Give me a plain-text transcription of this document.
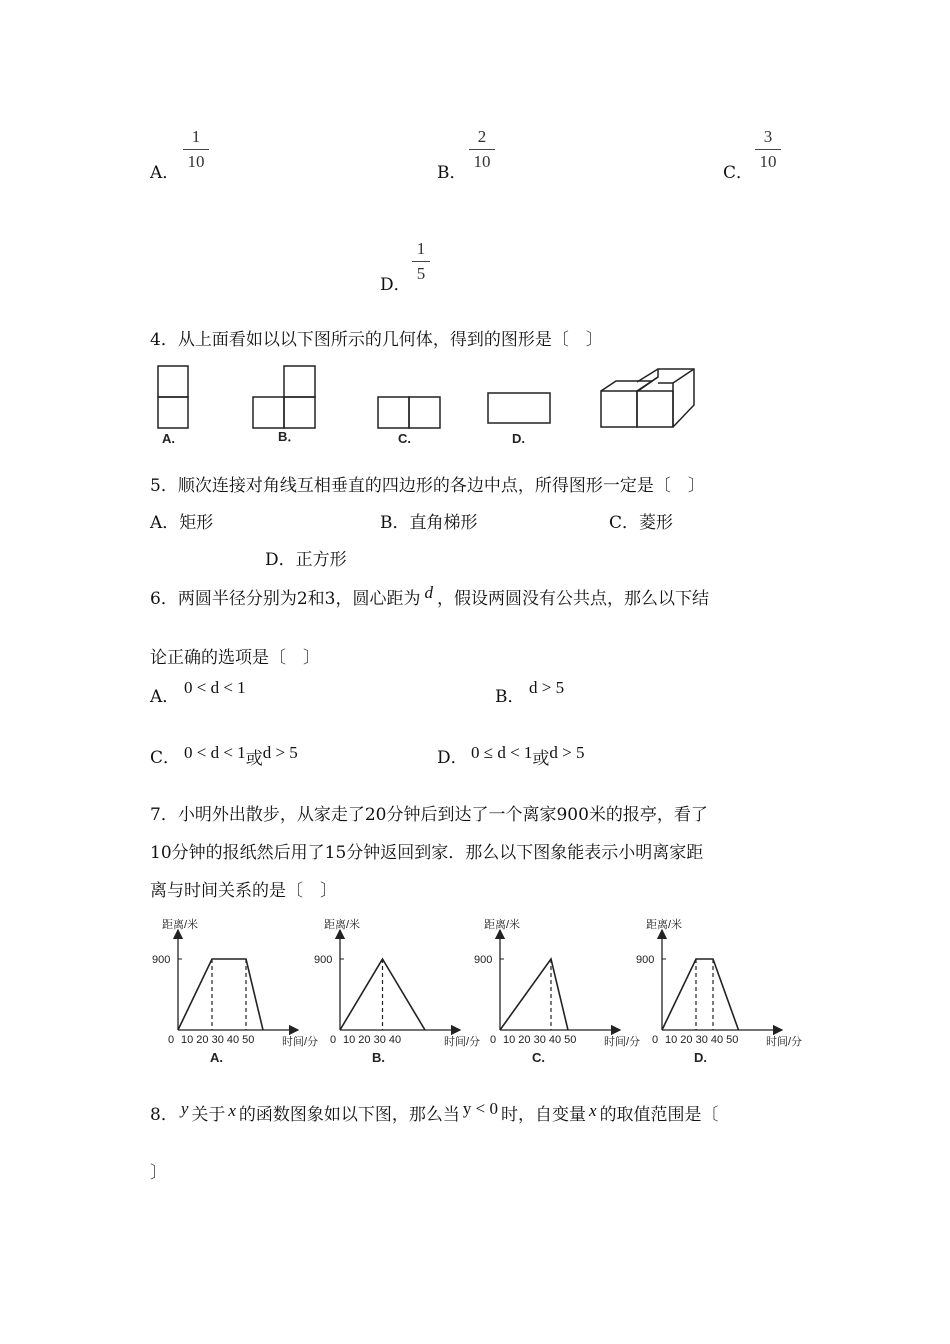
A．
1
10
B．
2
10
C．
3
10
D．
1
5
4．从上面看如以以下图所示的几何体，得到的图形是〔　〕
A.	B．	C.	D.
5．顺次连接对角线互相垂直的四边形的各边中点，所得图形一定是〔　〕
A．矩形	B．直角梯形	C．菱形
D．正方形
6．两圆半径分别为2和3，圆心距为 d ，假设两圆没有公共点，那么以下结
论正确的选项是〔　〕
A． 0 < d < 1	B． d > 5
C． 0 < d < 1或d > 5	D． 0 ≤ d < 1或d > 5
7．小明外出散步，从家走了20分钟后到达了一个离家900米的报亭，看了
10分钟的报纸然后用了15分钟返回到家．那么以下图象能表示小明离家距
离与时间关系的是〔　〕
距离/米
900
0 10 20 30 40 50	时间/分
A.
距离/米
900
0 10 20 30 40	时间/分
B.
距离/米
900
0 10 20 30 40 50	时间/分
C.
距离/米
900
0 10 20 30 40 50	时间/分
D.
8． y 关于 x 的函数图象如以下图，那么当 y < 0 时，自变量 x 的取值范围是〔
〕
